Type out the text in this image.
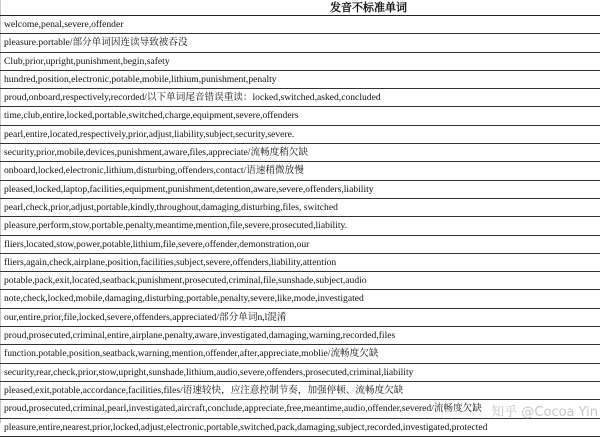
发音不标准单词
welcome,penal,severe,offender
pleasure.portable/部分单词因连读导致被吞没
Club,prior,upright,punishment,begin,safety
hundred,position,electronic,potable,mobile,lithium,punishment,penalty
proud,onboard,respectively,recorded/以下单词尾音错误重读：locked,switched,asked,concluded
time,club,entire,locked,portable,switched,charge,equipment,severe,offenders
pearl,entire,located,respectively,prior,adjust,liability,subject,security,severe.
security,prior,mobile,devices,punishment,aware,files,appreciate/流畅度稍欠缺
onboard,locked,electronic,lithium,disturbing,offenders,contact/语速稍微放慢
pleased,locked,laptop,facilities,equipment,punishment,detention,aware,severe,offenders,liability
pearl,check,prior,adjust,portable,kindly,throughout,damaging,disturbing,files, switched
pleasure,perform,stow,portable,penalty,meantime,mention,file,severe,prosecuted,liability.
fliers,located,stow,power,potable,lithium,file,severe,offender,demonstration,our
fliers,again,check,airplane,position,facilities,subject,severe,offenders,liability,attention
potable,pack,exit,located,seatback,punishment,prosecuted,criminal,file,sunshade,subject,audio
note,check,locked,mobile,damaging,disturbing,portable,penalty,severe,like,mode,investigated
our,entire,prior,file,locked,severe,offenders,appreciated/部分单词n,l混淆
proud,prosecuted,criminal,entire,airplane,penalty,aware,investigated,damaging,warning,recorded,files
function.potable,position,seatback,warning,mention,offender,after,appreciate,moblie/流畅度欠缺
security,rear,check,prior,stow,upright,sunshade,lithium,audio,severe,offenders,prosecuted,criminal,liability
pleased,exit,potable,accordance,facilities,files/语速较快，应注意控制节奏，加强停顿、流畅度欠缺
proud,prosecuted,criminal,pearl,investigated,aircraft,conclude,appreciate,free,meantime,audio,offender,severed/流畅度欠缺
pleasure,entire,nearest,prior,locked,adjust,electronic,portable,switched,pack,damaging,subject,recorded,investigated,protected
知乎 @Cocoa Yin
